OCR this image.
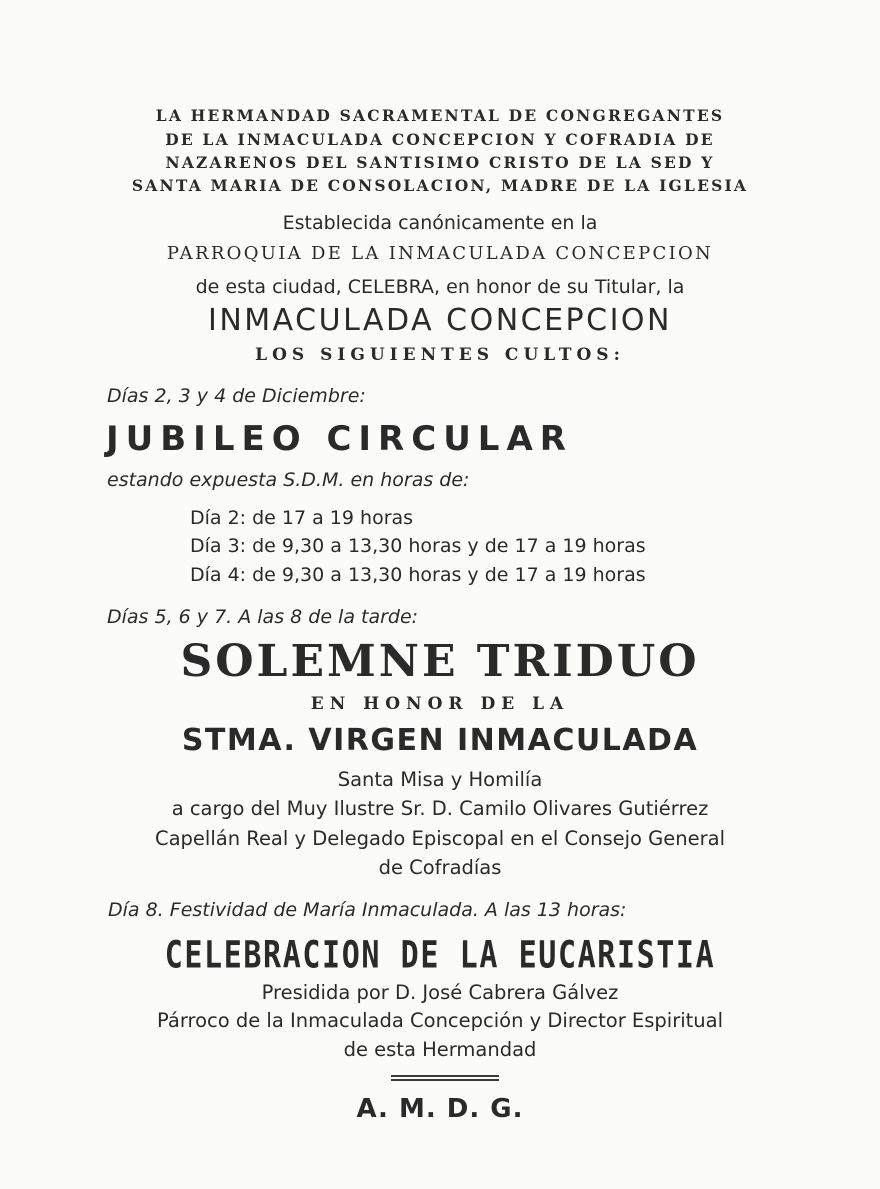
LA HERMANDAD SACRAMENTAL DE CONGREGANTES
DE LA INMACULADA CONCEPCION Y COFRADIA DE
NAZARENOS DEL SANTISIMO CRISTO DE LA SED Y
SANTA MARIA DE CONSOLACION, MADRE DE LA IGLESIA
Establecida canónicamente en la
PARROQUIA DE LA INMACULADA CONCEPCION
de esta ciudad, CELEBRA, en honor de su Titular, la
INMACULADA CONCEPCION
LOS SIGUIENTES CULTOS:
Días 2, 3 y 4 de Diciembre:
JUBILEO CIRCULAR
estando expuesta S.D.M. en horas de:
Día 2: de 17 a 19 horas
Día 3: de 9,30 a 13,30 horas y de 17 a 19 horas
Día 4: de 9,30 a 13,30 horas y de 17 a 19 horas
Días 5, 6 y 7. A las 8 de la tarde:
SOLEMNE TRIDUO
EN HONOR DE LA
STMA. VIRGEN INMACULADA
Santa Misa y Homilía
a cargo del Muy Ilustre Sr. D. Camilo Olivares Gutiérrez
Capellán Real y Delegado Episcopal en el Consejo General
de Cofradías
Día 8. Festividad de María Inmaculada. A las 13 horas:
CELEBRACION DE LA EUCARISTIA
Presidida por D. José Cabrera Gálvez
Párroco de la Inmaculada Concepción y Director Espiritual
de esta Hermandad
A. M. D. G.
